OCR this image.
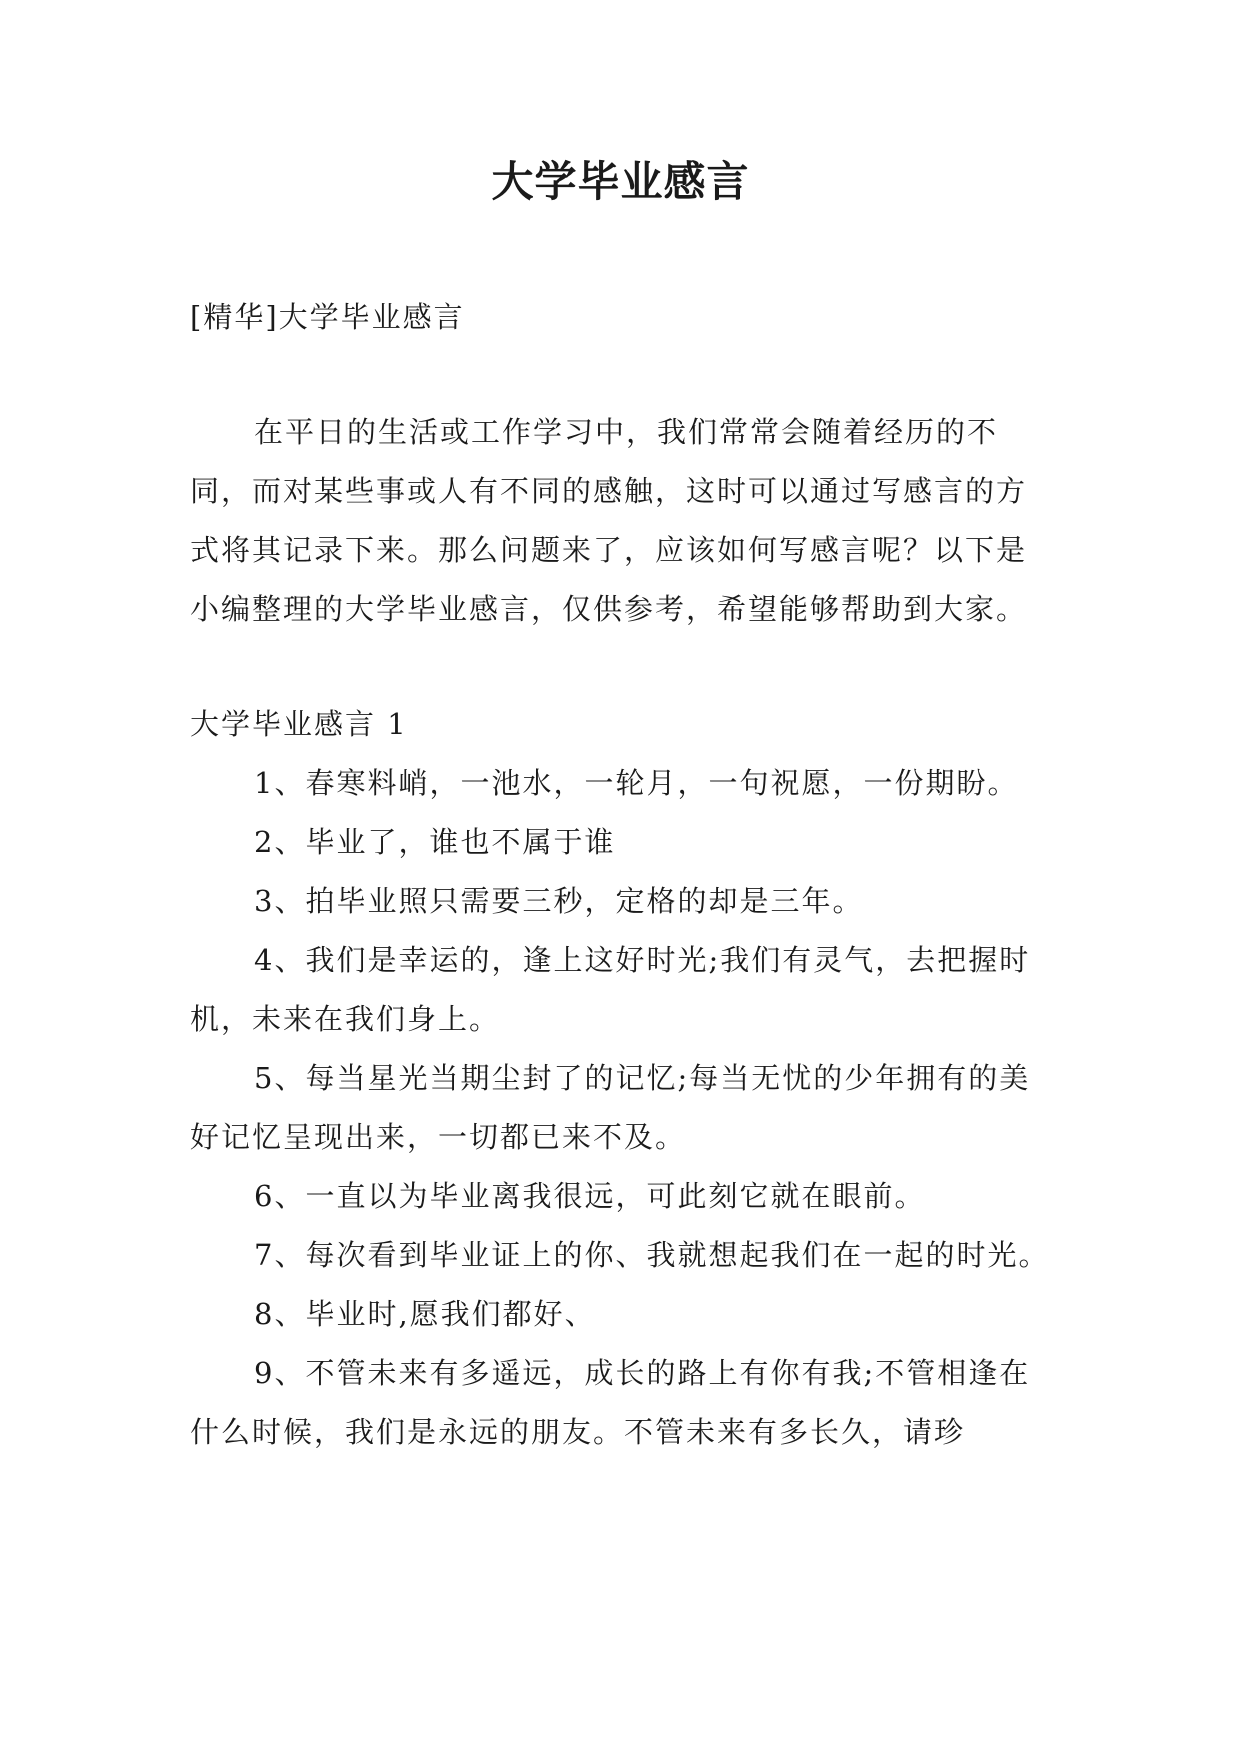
大学毕业感言

[精华]大学毕业感言

在平日的生活或工作学习中，我们常常会随着经历的不同，而对某些事或人有不同的感触，这时可以通过写感言的方式将其记录下来。那么问题来了，应该如何写感言呢？以下是小编整理的大学毕业感言，仅供参考，希望能够帮助到大家。

大学毕业感言 1

1、春寒料峭，一池水，一轮月，一句祝愿，一份期盼。

2、毕业了，谁也不属于谁

3、拍毕业照只需要三秒，定格的却是三年。

4、我们是幸运的，逢上这好时光;我们有灵气，去把握时机，未来在我们身上。

5、每当星光当期尘封了的记忆;每当无忧的少年拥有的美好记忆呈现出来，一切都已来不及。

6、一直以为毕业离我很远，可此刻它就在眼前。

7、每次看到毕业证上的你、我就想起我们在一起的时光。

8、毕业时,愿我们都好、

9、不管未来有多遥远，成长的路上有你有我;不管相逢在什么时候，我们是永远的朋友。不管未来有多长久，请珍
